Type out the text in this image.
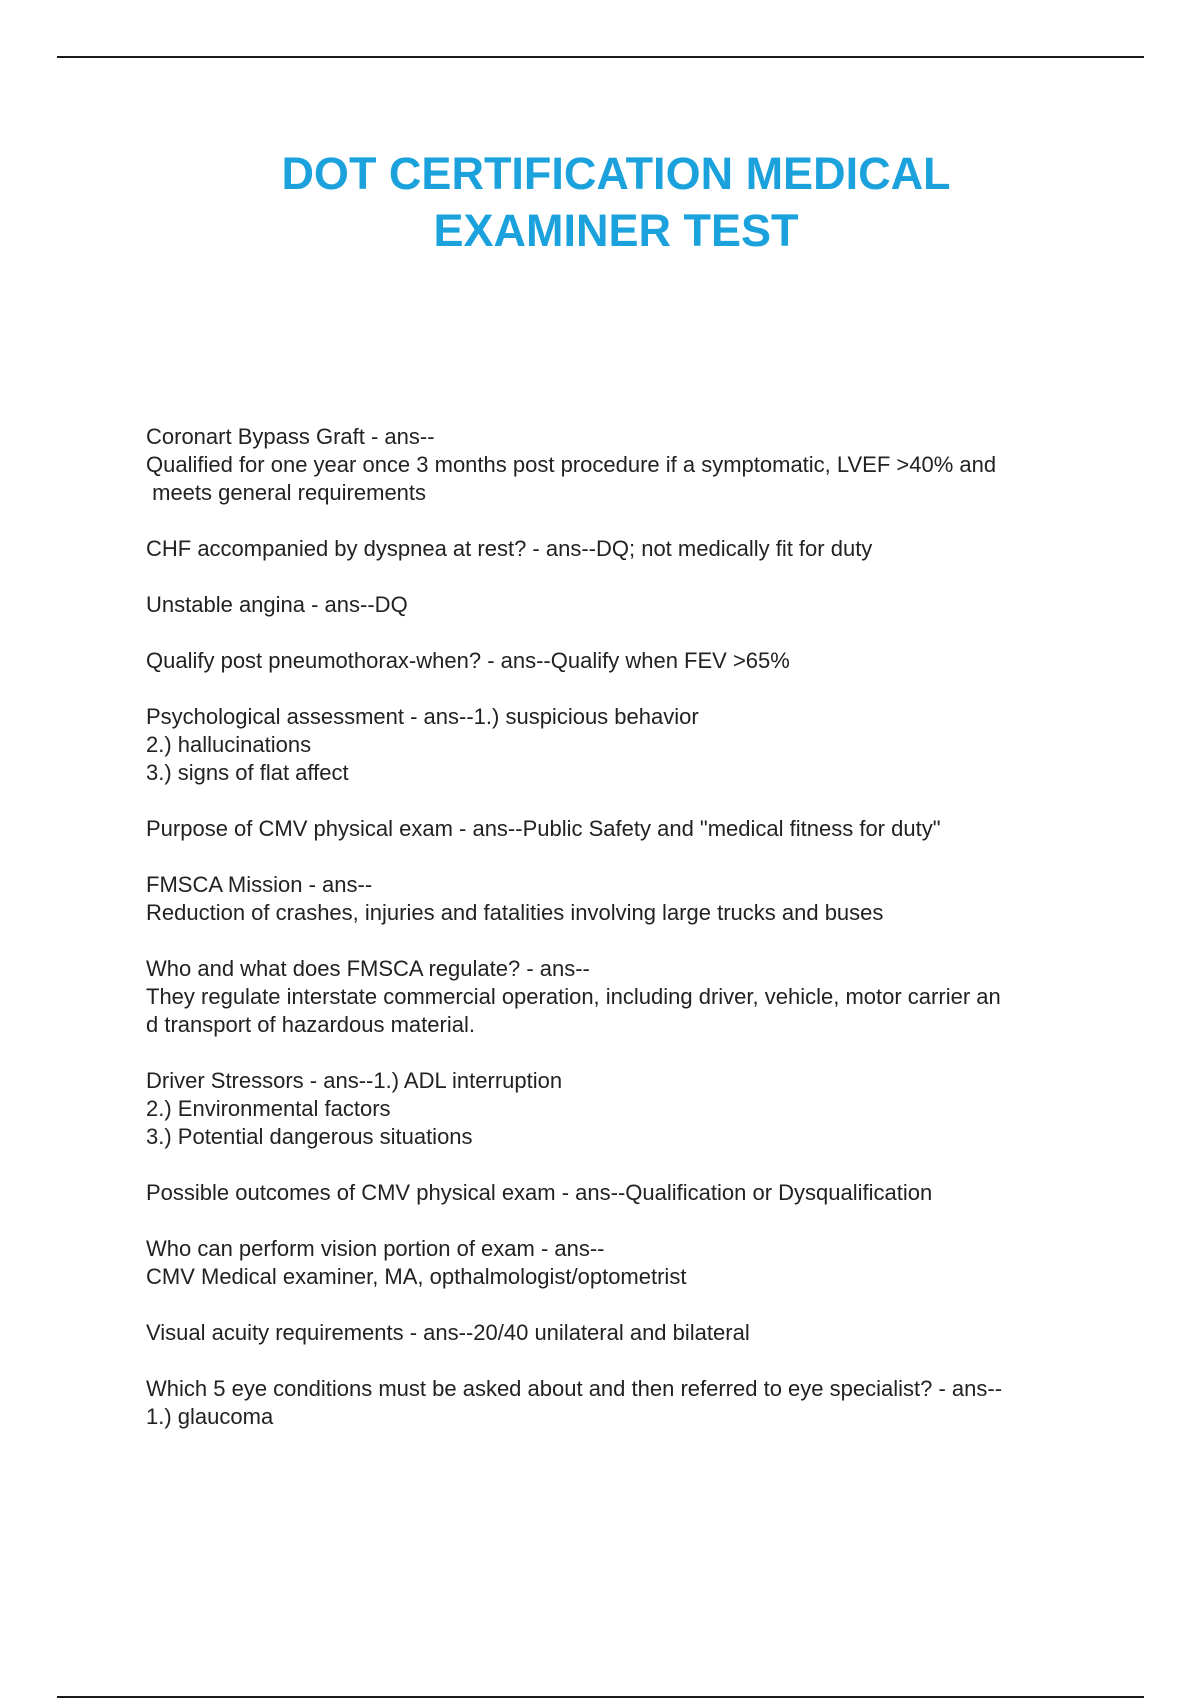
DOT CERTIFICATION MEDICAL
EXAMINER TEST
Coronart Bypass Graft - ans--
Qualified for one year once 3 months post procedure if a symptomatic, LVEF >40% and
meets general requirements
CHF accompanied by dyspnea at rest? - ans--DQ; not medically fit for duty
Unstable angina - ans--DQ
Qualify post pneumothorax-when? - ans--Qualify when FEV >65%
Psychological assessment - ans--1.) suspicious behavior
2.) hallucinations
3.) signs of flat affect
Purpose of CMV physical exam - ans--Public Safety and "medical fitness for duty"
FMSCA Mission - ans--
Reduction of crashes, injuries and fatalities involving large trucks and buses
Who and what does FMSCA regulate? - ans--
They regulate interstate commercial operation, including driver, vehicle, motor carrier an
d transport of hazardous material.
Driver Stressors - ans--1.) ADL interruption
2.) Environmental factors
3.) Potential dangerous situations
Possible outcomes of CMV physical exam - ans--Qualification or Dysqualification
Who can perform vision portion of exam - ans--
CMV Medical examiner, MA, opthalmologist/optometrist
Visual acuity requirements - ans--20/40 unilateral and bilateral
Which 5 eye conditions must be asked about and then referred to eye specialist? - ans--
1.) glaucoma
